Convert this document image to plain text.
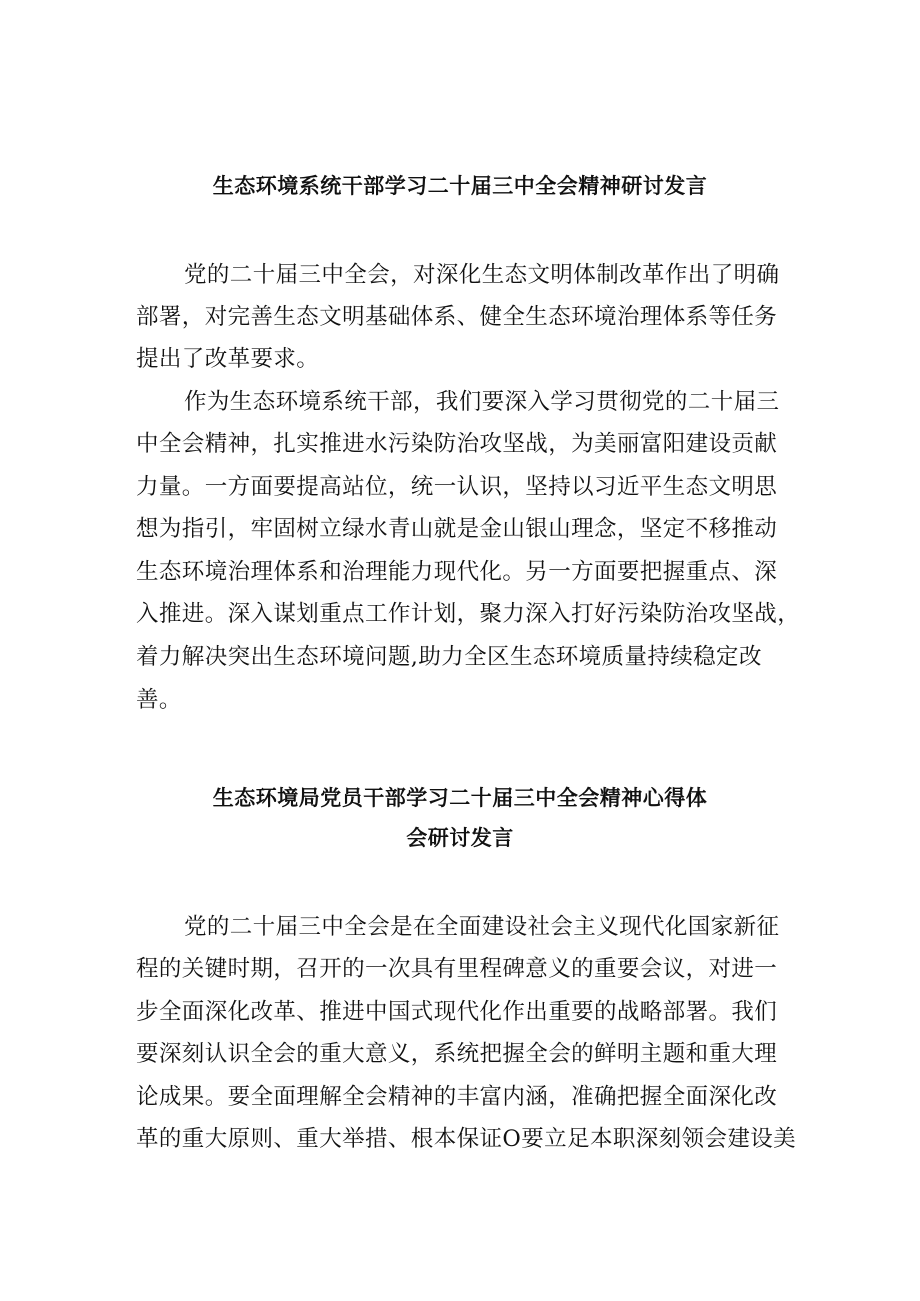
生态环境系统干部学习二十届三中全会精神研讨发言
党的二十届三中全会，对深化生态文明体制改革作出了明确
部署，对完善生态文明基础体系、健全生态环境治理体系等任务
提出了改革要求。
作为生态环境系统干部，我们要深入学习贯彻党的二十届三
中全会精神，扎实推进水污染防治攻坚战，为美丽富阳建设贡献
力量。一方面要提高站位，统一认识，坚持以习近平生态文明思
想为指引，牢固树立绿水青山就是金山银山理念，坚定不移推动
生态环境治理体系和治理能力现代化。另一方面要把握重点、深
入推进。深入谋划重点工作计划，聚力深入打好污染防治攻坚战，
着力解决突出生态环境问题,助力全区生态环境质量持续稳定改
善。
生态环境局党员干部学习二十届三中全会精神心得体
会研讨发言
党的二十届三中全会是在全面建设社会主义现代化国家新征
程的关键时期，召开的一次具有里程碑意义的重要会议，对进一
步全面深化改革、推进中国式现代化作出重要的战略部署。我们
要深刻认识全会的重大意义，系统把握全会的鲜明主题和重大理
论成果。要全面理解全会精神的丰富内涵，准确把握全面深化改
革的重大原则、重大举措、根本保证O要立足本职深刻领会建设美
